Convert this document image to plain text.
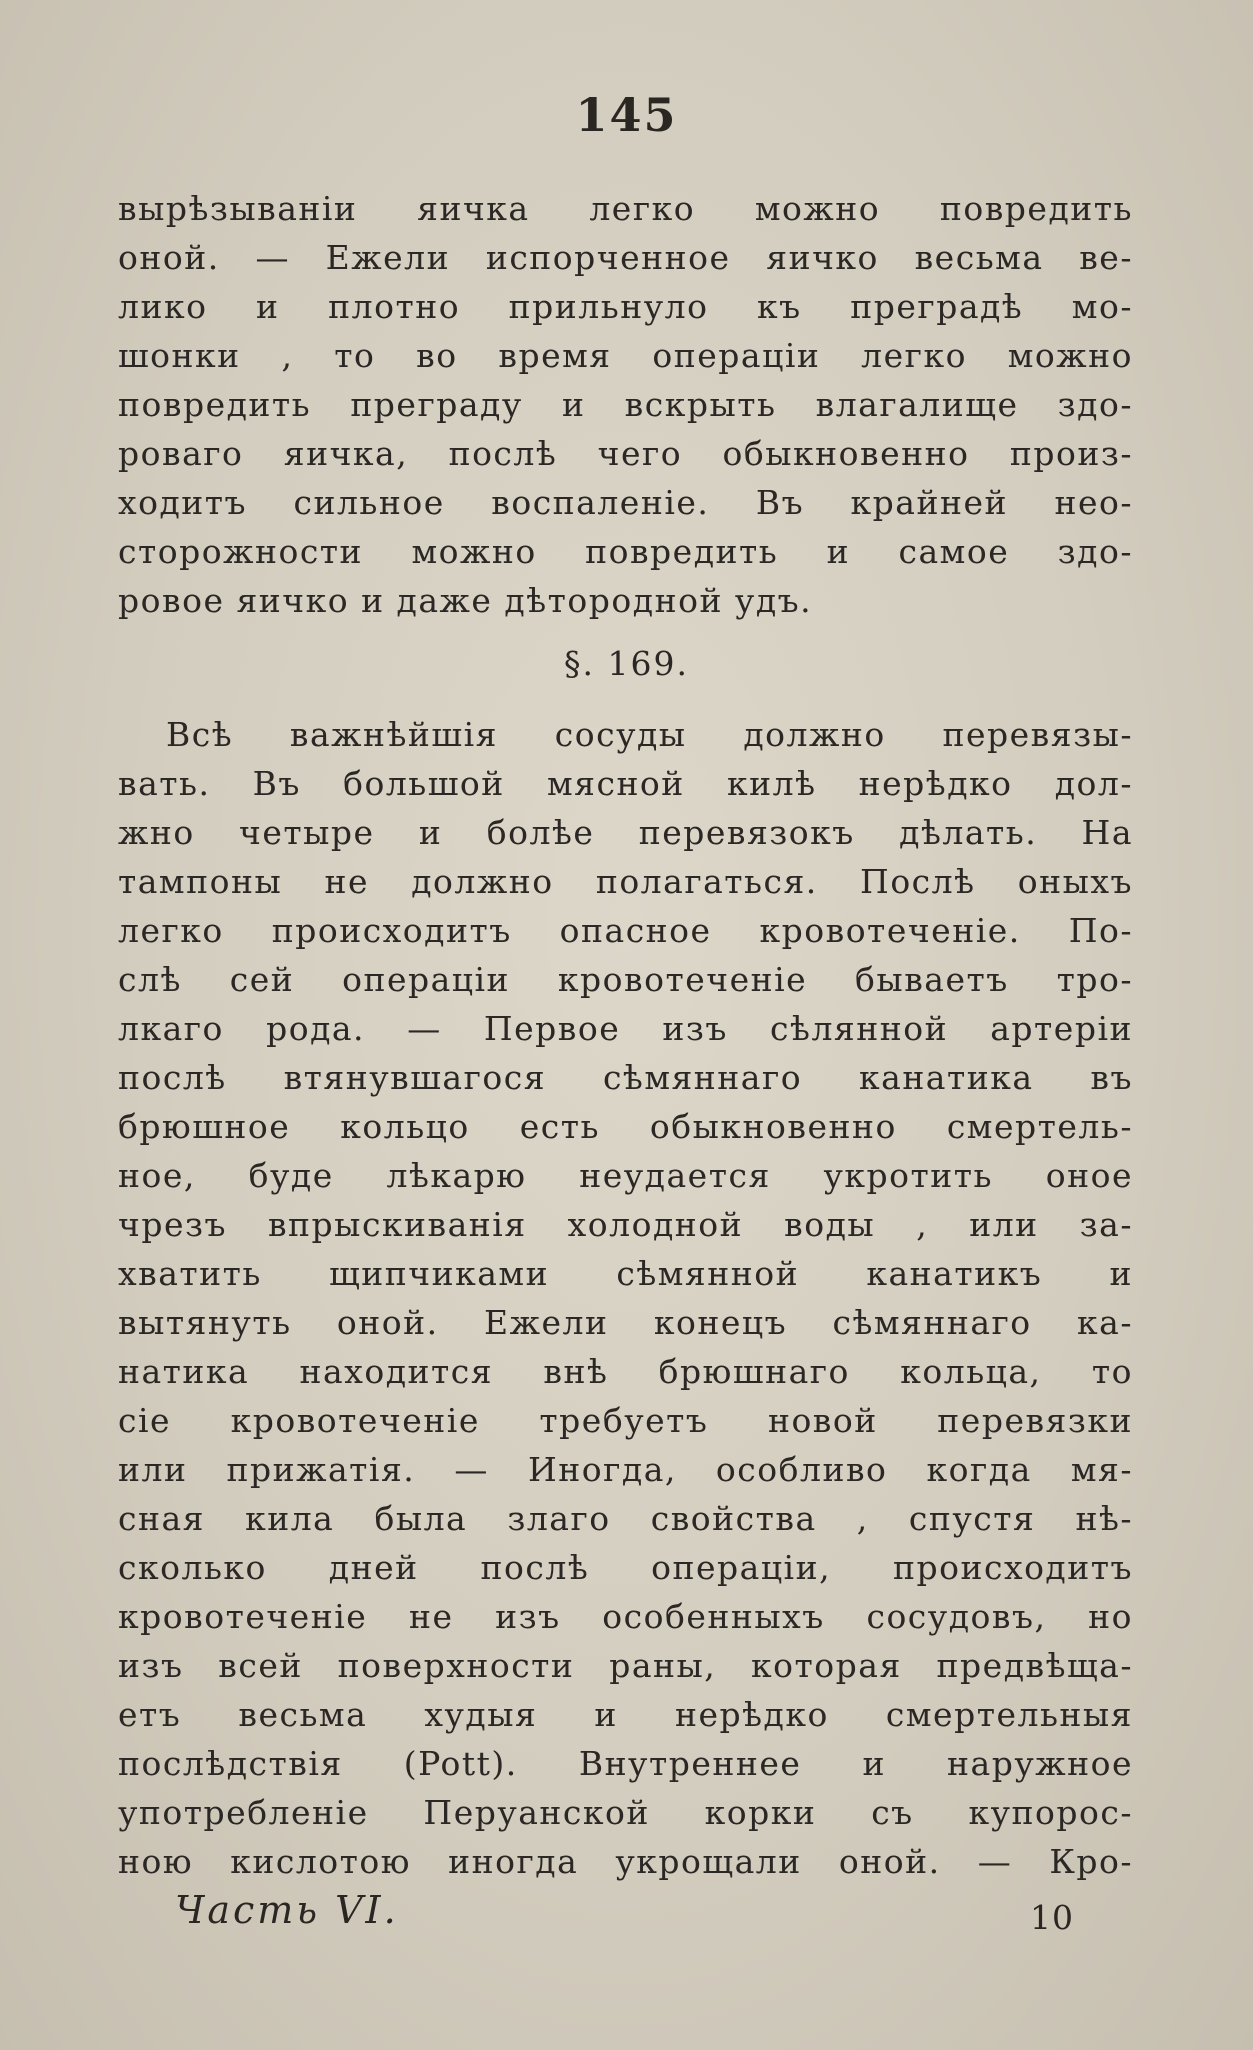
145
вырѣзываніи яичка легко можно повредить
оной. — Ежели испорченное яичко весьма ве-
лико и плотно прильнуло къ преградѣ мо-
шонки , то во время операціи легко можно
повредить преграду и вскрыть влагалище здо-
роваго яичка, послѣ чего обыкновенно произ-
ходитъ сильное воспаленіе. Въ крайней нео-
сторожности можно повредить и самое здо-
ровое яичко и даже дѣтородной удъ.
§. 169.
Всѣ важнѣйшія сосуды должно перевязы-
вать. Въ большой мясной килѣ нерѣдко дол-
жно четыре и болѣе перевязокъ дѣлать. На
тампоны не должно полагаться. Послѣ оныхъ
легко происходитъ опасное кровотеченіе. По-
слѣ сей операціи кровотеченіе бываетъ тро-
лкаго рода. — Первое изъ сѣлянной артеріи
послѣ втянувшагося сѣмяннаго канатика въ
брюшное кольцо есть обыкновенно смертель-
ное, буде лѣкарю неудается укротить оное
чрезъ впрыскиванія холодной воды , или за-
хватить щипчиками сѣмянной канатикъ и
вытянуть оной. Ежели конецъ сѣмяннаго ка-
натика находится внѣ брюшнаго кольца, то
сіе кровотеченіе требуетъ новой перевязки
или прижатія. — Иногда, особливо когда мя-
сная кила была злаго свойства , спустя нѣ-
сколько дней послѣ операціи, происходитъ
кровотеченіе не изъ особенныхъ сосудовъ, но
изъ всей поверхности раны, которая предвѣща-
етъ весьма худыя и нерѣдко смертельныя
послѣдствія (Pott). Внутреннее и наружное
употребленіе Перуанской корки съ купорос-
ною кислотою иногда укрощали оной. — Кро-
Часть VI.	10
